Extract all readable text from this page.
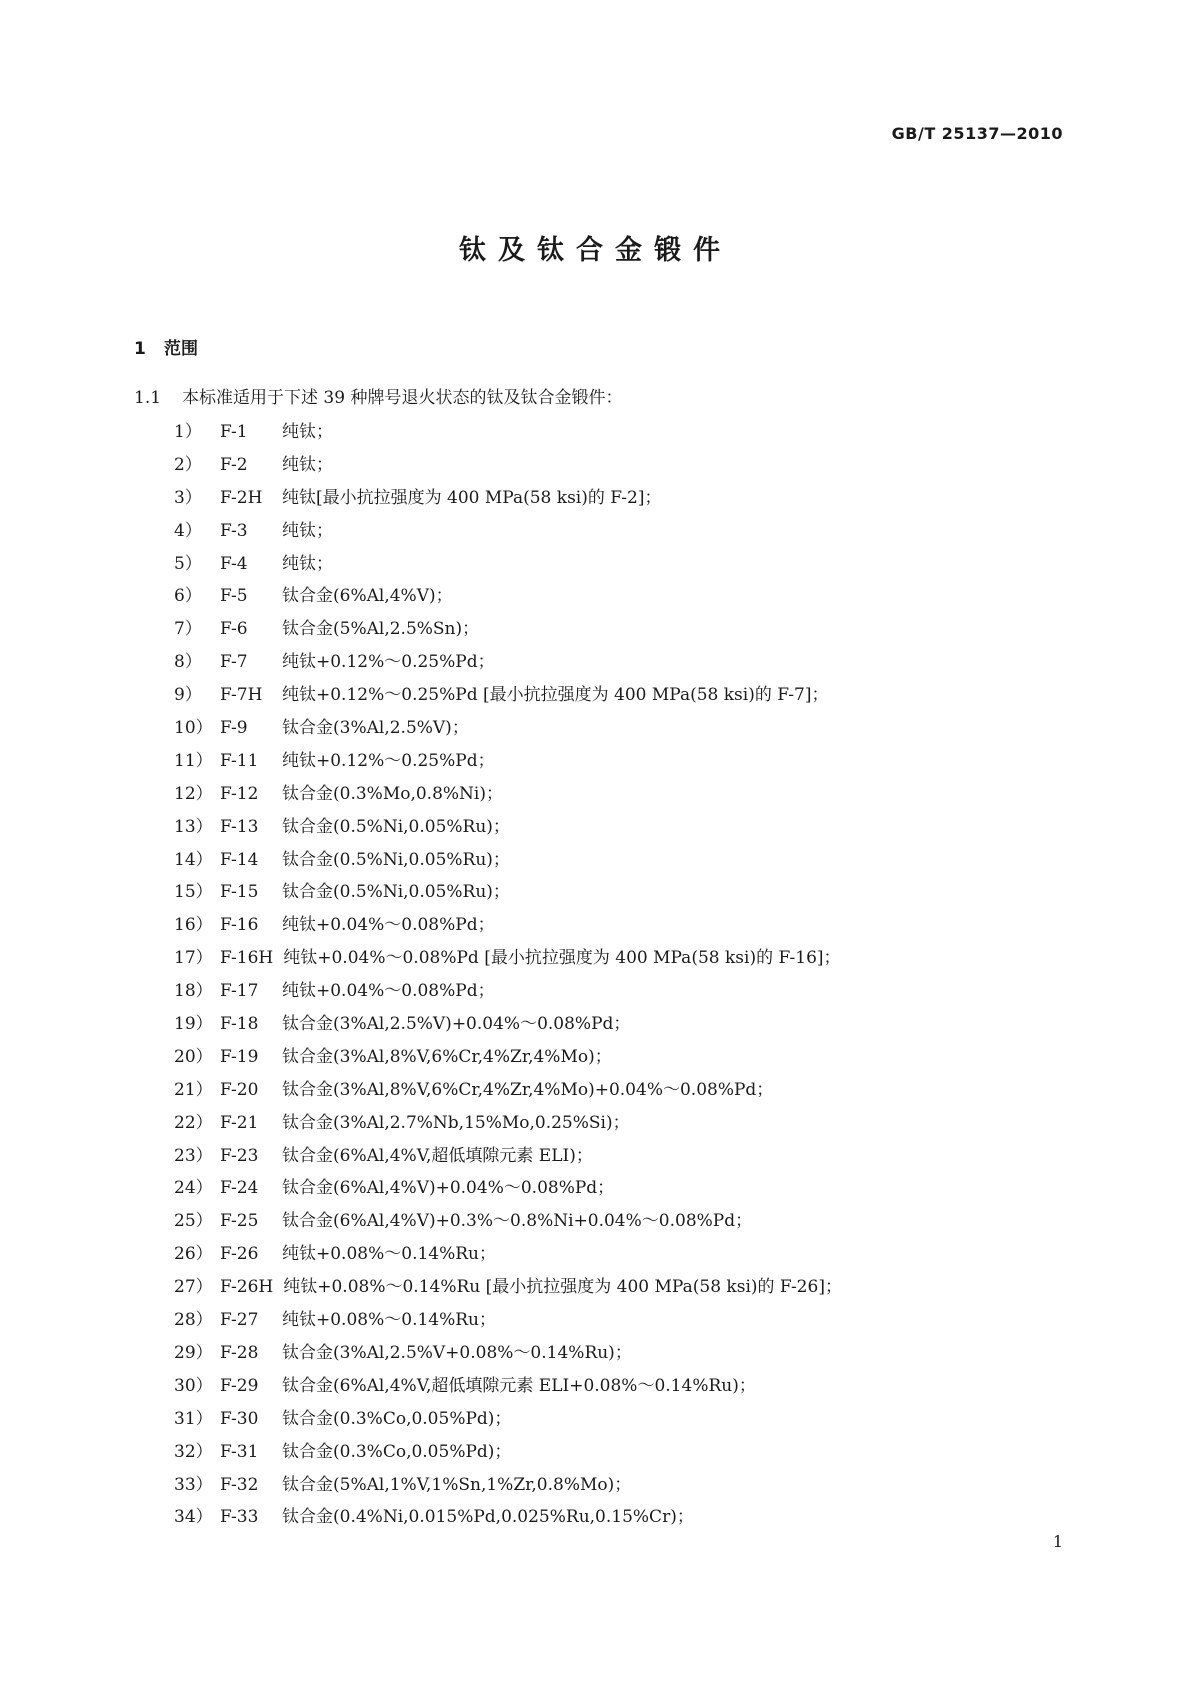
GB/T 25137—2010
钛及钛合金锻件
1 范围
1.1 本标准适用于下述 39 种牌号退火状态的钛及钛合金锻件：
1） F-1 纯钛；
2） F-2 纯钛；
3） F-2H 纯钛[最小抗拉强度为 400 MPa(58 ksi)的 F-2]；
4） F-3 纯钛；
5） F-4 纯钛；
6） F-5 钛合金(6%Al,4%V)；
7） F-6 钛合金(5%Al,2.5%Sn)；
8） F-7 纯钛+0.12%～0.25%Pd；
9） F-7H 纯钛+0.12%～0.25%Pd [最小抗拉强度为 400 MPa(58 ksi)的 F-7]；
10） F-9 钛合金(3%Al,2.5%V)；
11） F-11 纯钛+0.12%～0.25%Pd；
12） F-12 钛合金(0.3%Mo,0.8%Ni)；
13） F-13 钛合金(0.5%Ni,0.05%Ru)；
14） F-14 钛合金(0.5%Ni,0.05%Ru)；
15） F-15 钛合金(0.5%Ni,0.05%Ru)；
16） F-16 纯钛+0.04%～0.08%Pd；
17） F-16H 纯钛+0.04%～0.08%Pd [最小抗拉强度为 400 MPa(58 ksi)的 F-16]；
18） F-17 纯钛+0.04%～0.08%Pd；
19） F-18 钛合金(3%Al,2.5%V)+0.04%～0.08%Pd；
20） F-19 钛合金(3%Al,8%V,6%Cr,4%Zr,4%Mo)；
21） F-20 钛合金(3%Al,8%V,6%Cr,4%Zr,4%Mo)+0.04%～0.08%Pd；
22） F-21 钛合金(3%Al,2.7%Nb,15%Mo,0.25%Si)；
23） F-23 钛合金(6%Al,4%V,超低填隙元素 ELI)；
24） F-24 钛合金(6%Al,4%V)+0.04%～0.08%Pd；
25） F-25 钛合金(6%Al,4%V)+0.3%～0.8%Ni+0.04%～0.08%Pd；
26） F-26 纯钛+0.08%～0.14%Ru；
27） F-26H 纯钛+0.08%～0.14%Ru [最小抗拉强度为 400 MPa(58 ksi)的 F-26]；
28） F-27 纯钛+0.08%～0.14%Ru；
29） F-28 钛合金(3%Al,2.5%V+0.08%～0.14%Ru)；
30） F-29 钛合金(6%Al,4%V,超低填隙元素 ELI+0.08%～0.14%Ru)；
31） F-30 钛合金(0.3%Co,0.05%Pd)；
32） F-31 钛合金(0.3%Co,0.05%Pd)；
33） F-32 钛合金(5%Al,1%V,1%Sn,1%Zr,0.8%Mo)；
34） F-33 钛合金(0.4%Ni,0.015%Pd,0.025%Ru,0.15%Cr)；
1
